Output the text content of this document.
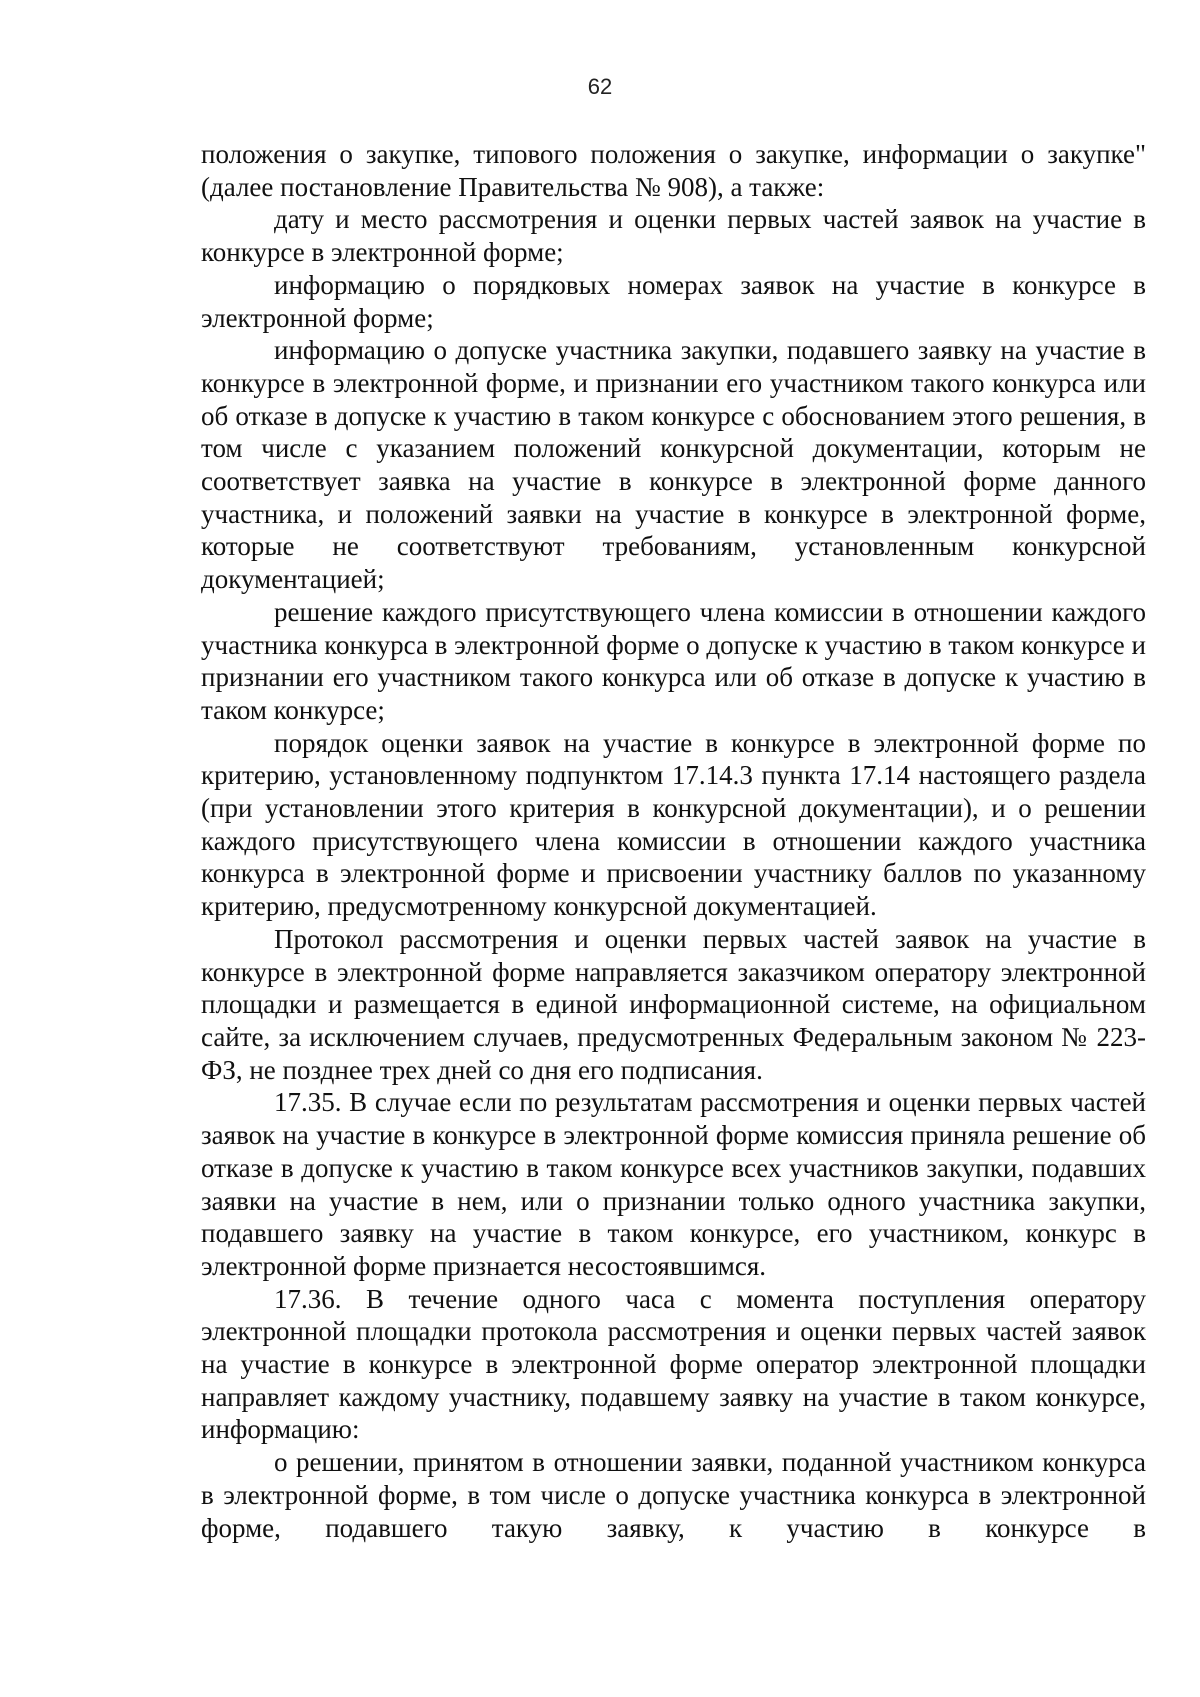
62

положения о закупке, типового положения о закупке, информации о закупке" (далее постановление Правительства № 908), а также:

дату и место рассмотрения и оценки первых частей заявок на участие в конкурсе в электронной форме;

информацию о порядковых номерах заявок на участие в конкурсе в электронной форме;

информацию о допуске участника закупки, подавшего заявку на участие в конкурсе в электронной форме, и признании его участником такого конкурса или об отказе в допуске к участию в таком конкурсе с обоснованием этого решения, в том числе с указанием положений конкурсной документации, которым не соответствует заявка на участие в конкурсе в электронной форме данного участника, и положений заявки на участие в конкурсе в электронной форме, которые не соответствуют требованиям, установленным конкурсной документацией;

решение каждого присутствующего члена комиссии в отношении каждого участника конкурса в электронной форме о допуске к участию в таком конкурсе и признании его участником такого конкурса или об отказе в допуске к участию в таком конкурсе;

порядок оценки заявок на участие в конкурсе в электронной форме по критерию, установленному подпунктом 17.14.3 пункта 17.14 настоящего раздела (при установлении этого критерия в конкурсной документации), и о решении каждого присутствующего члена комиссии в отношении каждого участника конкурса в электронной форме и присвоении участнику баллов по указанному критерию, предусмотренному конкурсной документацией.

Протокол рассмотрения и оценки первых частей заявок на участие в конкурсе в электронной форме направляется заказчиком оператору электронной площадки и размещается в единой информационной системе, на официальном сайте, за исключением случаев, предусмотренных Федеральным законом № 223-ФЗ, не позднее трех дней со дня его подписания.

17.35. В случае если по результатам рассмотрения и оценки первых частей заявок на участие в конкурсе в электронной форме комиссия приняла решение об отказе в допуске к участию в таком конкурсе всех участников закупки, подавших заявки на участие в нем, или о признании только одного участника закупки, подавшего заявку на участие в таком конкурсе, его участником, конкурс в электронной форме признается несостоявшимся.

17.36. В течение одного часа с момента поступления оператору электронной площадки протокола рассмотрения и оценки первых частей заявок на участие в конкурсе в электронной форме оператор электронной площадки направляет каждому участнику, подавшему заявку на участие в таком конкурсе, информацию:

о решении, принятом в отношении заявки, поданной участником конкурса в электронной форме, в том числе о допуске участника конкурса в электронной форме, подавшего такую заявку, к участию в конкурсе в
